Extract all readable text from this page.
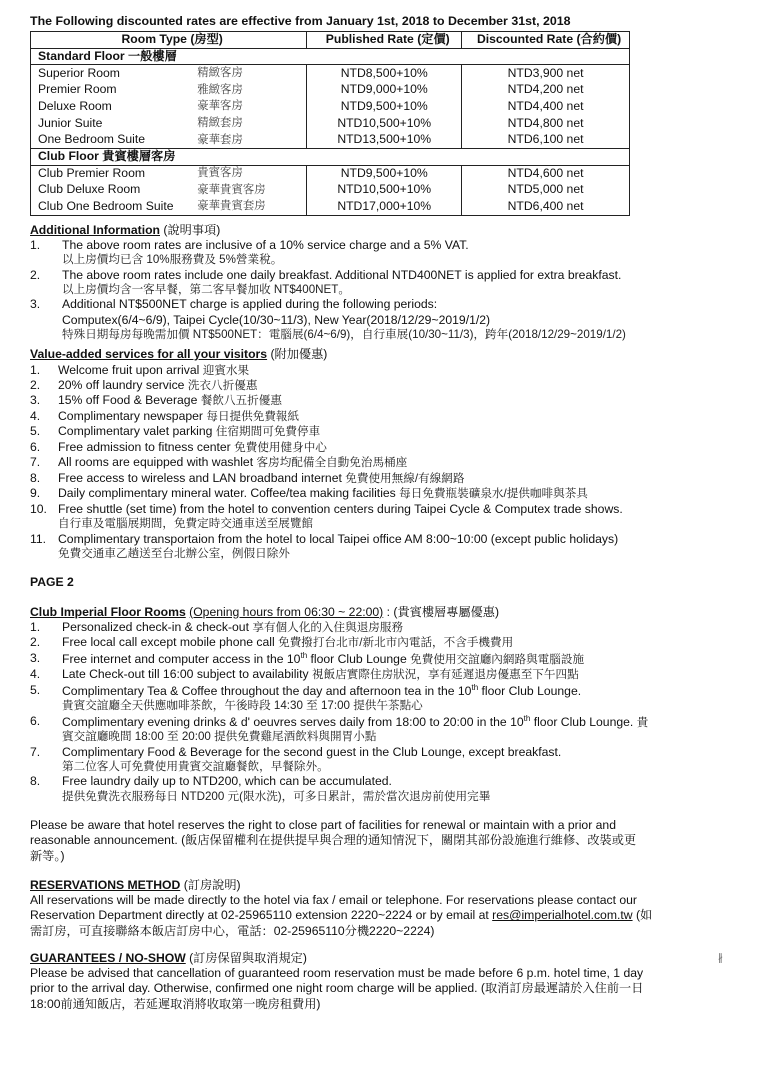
The Following discounted rates are effective from January 1st, 2018 to December 31st, 2018
Room Type (房型)		Published Rate (定價)	Discounted Rate (合約價)
Standard Floor 一般樓層			
Superior Room	精緻客房	NTD8,500+10%	NTD3,900 net
Premier Room	雅緻客房	NTD9,000+10%	NTD4,200 net
Deluxe Room	豪華客房	NTD9,500+10%	NTD4,400 net
Junior Suite	精緻套房	NTD10,500+10%	NTD4,800 net
One Bedroom Suite	豪華套房	NTD13,500+10%	NTD6,100 net
Club Floor 貴賓樓層客房			
Club Premier Room	貴賓客房	NTD9,500+10%	NTD4,600 net
Club Deluxe Room	豪華貴賓客房	NTD10,500+10%	NTD5,000 net
Club One Bedroom Suite	豪華貴賓套房	NTD17,000+10%	NTD6,400 net
Additional Information (說明事項)
1. The above room rates are inclusive of a 10% service charge and a 5% VAT.
以上房價均已含 10%服務費及 5%營業稅。
2. The above room rates include one daily breakfast. Additional NTD400NET is applied for extra breakfast.
以上房價均含一客早餐，第二客早餐加收 NT$400NET。
3. Additional NT$500NET charge is applied during the following periods:
Computex(6/4~6/9), Taipei Cycle(10/30~11/3), New Year(2018/12/29~2019/1/2)
特殊日期每房每晚需加價 NT$500NET：電腦展(6/4~6/9)，自行車展(10/30~11/3)，跨年(2018/12/29~2019/1/2)
Value-added services for all your visitors (附加優惠)
1. Welcome fruit upon arrival 迎賓水果
2. 20% off laundry service 洗衣八折優惠
3. 15% off Food & Beverage 餐飲八五折優惠
4. Complimentary newspaper 每日提供免費報紙
5. Complimentary valet parking 住宿期間可免費停車
6. Free admission to fitness center 免費使用健身中心
7. All rooms are equipped with washlet 客房均配備全自動免治馬桶座
8. Free access to wireless and LAN broadband internet 免費使用無線/有線網路
9. Daily complimentary mineral water. Coffee/tea making facilities 每日免費瓶裝礦泉水/提供咖啡與茶具
10. Free shuttle (set time) from the hotel to convention centers during Taipei Cycle & Computex trade shows.
自行車及電腦展期間，免費定時交通車送至展覽館
11. Complimentary transportaion from the hotel to local Taipei office AM 8:00~10:00 (except public holidays)
免費交通車乙趟送至台北辦公室，例假日除外
PAGE 2
Club Imperial Floor Rooms (Opening hours from 06:30 ~ 22:00) : (貴賓樓層專屬優惠)
1. Personalized check-in & check-out 享有個人化的入住與退房服務
2. Free local call except mobile phone call 免費撥打台北市/新北市內電話，不含手機費用
3. Free internet and computer access in the 10th floor Club Lounge 免費使用交誼廳內網路與電腦設施
4. Late Check-out till 16:00 subject to availability 視飯店實際住房狀況，享有延遲退房優惠至下午四點
5. Complimentary Tea & Coffee throughout the day and afternoon tea in the 10th floor Club Lounge.
貴賓交誼廳全天供應咖啡茶飲，午後時段 14:30 至 17:00 提供午茶點心
6. Complimentary evening drinks & d' oeuvres serves daily from 18:00 to 20:00 in the 10th floor Club Lounge. 貴
賓交誼廳晚間 18:00 至 20:00 提供免費雞尾酒飲料與開胃小點
7. Complimentary Food & Beverage for the second guest in the Club Lounge, except breakfast.
第二位客人可免費使用貴賓交誼廳餐飲，早餐除外。
8. Free laundry daily up to NTD200, which can be accumulated.
提供免費洗衣服務每日 NTD200 元(限水洗)，可多日累計，需於當次退房前使用完畢
Please be aware that hotel reserves the right to close part of facilities for renewal or maintain with a prior and
reasonable announcement. (飯店保留權利在提供提早與合理的通知情況下，關閉其部份設施進行維修、改裝或更
新等。)
RESERVATIONS METHOD (訂房說明)
All reservations will be made directly to the hotel via fax / email or telephone. For reservations please contact our
Reservation Department directly at 02-25965110 extension 2220~2224 or by email at res@imperialhotel.com.tw (如
需訂房，可直接聯絡本飯店訂房中心，電話：02-25965110分機2220~2224)
GUARANTEES / NO-SHOW (訂房保留與取消規定)
Please be advised that cancellation of guaranteed room reservation must be made before 6 p.m. hotel time, 1 day
prior to the arrival day. Otherwise, confirmed one night room charge will be applied. (取消訂房最遲請於入住前一日
18:00前通知飯店，若延遲取消將收取第一晚房租費用)
∦
